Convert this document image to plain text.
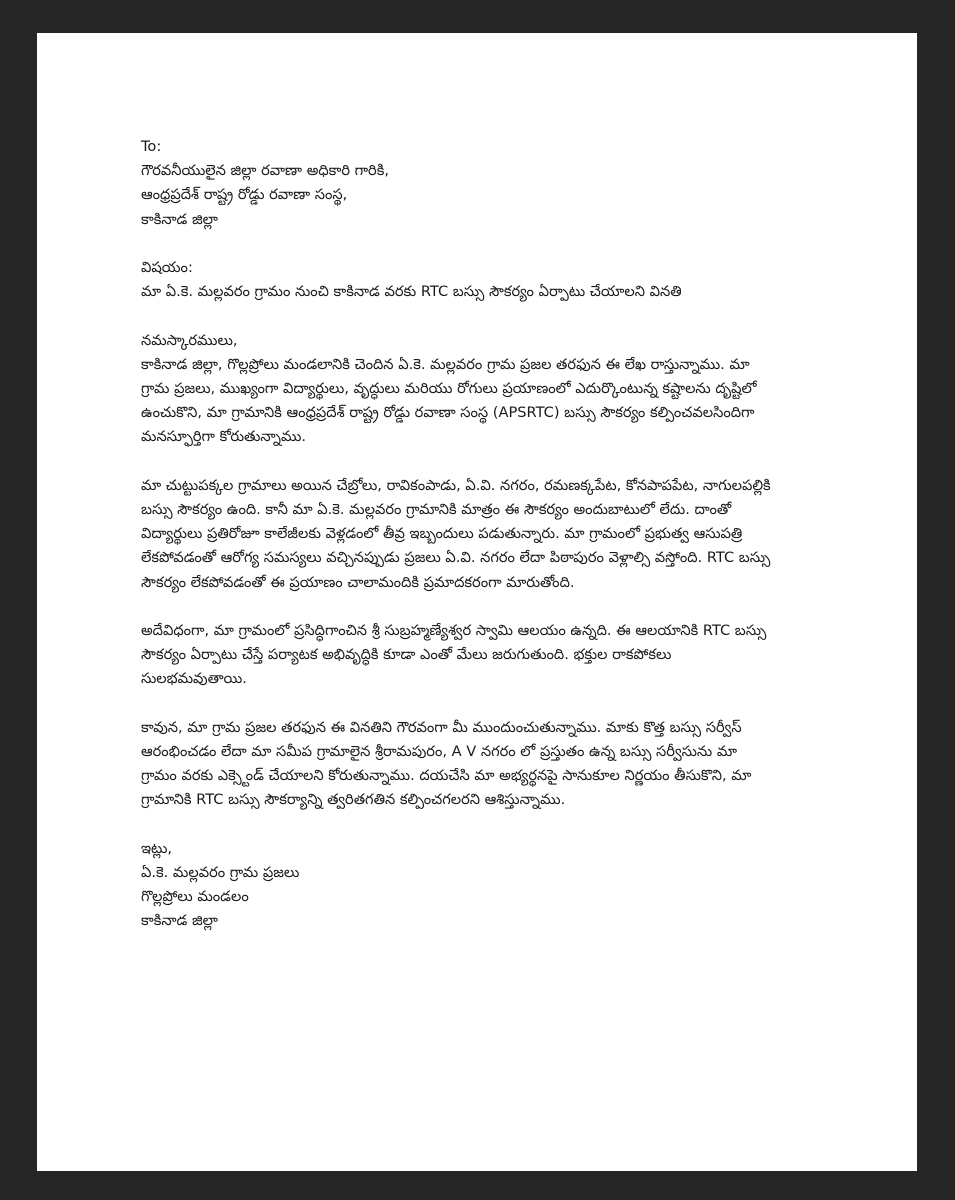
To:
గౌరవనీయులైన జిల్లా రవాణా అధికారి గారికి,
ఆంధ్రప్రదేశ్ రాష్ట్ర రోడ్డు రవాణా సంస్థ,
కాకినాడ జిల్లా
విషయం:
మా ఏ.కె. మల్లవరం గ్రామం నుంచి కాకినాడ వరకు RTC బస్సు సౌకర్యం ఏర్పాటు చేయాలని వినతి
నమస్కారములు,
కాకినాడ జిల్లా, గొల్లప్రోలు మండలానికి చెందిన ఏ.కె. మల్లవరం గ్రామ ప్రజల తరఫున ఈ లేఖ రాస్తున్నాము. మా
గ్రామ ప్రజలు, ముఖ్యంగా విద్యార్థులు, వృద్ధులు మరియు రోగులు ప్రయాణంలో ఎదుర్కొంటున్న కష్టాలను దృష్టిలో
ఉంచుకొని, మా గ్రామానికి ఆంధ్రప్రదేశ్ రాష్ట్ర రోడ్డు రవాణా సంస్థ (APSRTC) బస్సు సౌకర్యం కల్పించవలసిందిగా
మనస్ఫూర్తిగా కోరుతున్నాము.
మా చుట్టుపక్కల గ్రామాలు అయిన చేబ్రోలు, రావికంపాడు, ఏ.వి. నగరం, రమణక్కపేట, కోనపాపపేట, నాగులపల్లికి
బస్సు సౌకర్యం ఉంది. కానీ మా ఏ.కె. మల్లవరం గ్రామానికి మాత్రం ఈ సౌకర్యం అందుబాటులో లేదు. దాంతో
విద్యార్థులు ప్రతిరోజూ కాలేజీలకు వెళ్లడంలో తీవ్ర ఇబ్బందులు పడుతున్నారు. మా గ్రామంలో ప్రభుత్వ ఆసుపత్రి
లేకపోవడంతో ఆరోగ్య సమస్యలు వచ్చినప్పుడు ప్రజలు ఏ.వి. నగరం లేదా పిఠాపురం వెళ్లాల్సి వస్తోంది. RTC బస్సు
సౌకర్యం లేకపోవడంతో ఈ ప్రయాణం చాలామందికి ప్రమాదకరంగా మారుతోంది.
అదేవిధంగా, మా గ్రామంలో ప్రసిద్ధిగాంచిన శ్రీ సుబ్రహ్మణ్యేశ్వర స్వామి ఆలయం ఉన్నది. ఈ ఆలయానికి RTC బస్సు
సౌకర్యం ఏర్పాటు చేస్తే పర్యాటక అభివృద్ధికి కూడా ఎంతో మేలు జరుగుతుంది. భక్తుల రాకపోకలు
సులభమవుతాయి.
కావున, మా గ్రామ ప్రజల తరఫున ఈ వినతిని గౌరవంగా మీ ముందుంచుతున్నాము. మాకు కొత్త బస్సు సర్వీస్
ఆరంభించడం లేదా మా సమీప గ్రామాలైన శ్రీరామపురం, A V నగరం లో ప్రస్తుతం ఉన్న బస్సు సర్వీసును మా
గ్రామం వరకు ఎక్స్టెండ్ చేయాలని కోరుతున్నాము. దయచేసి మా అభ్యర్థనపై సానుకూల నిర్ణయం తీసుకొని, మా
గ్రామానికి RTC బస్సు సౌకర్యాన్ని త్వరితగతిన కల్పించగలరని ఆశిస్తున్నాము.
ఇట్లు,
ఏ.కె. మల్లవరం గ్రామ ప్రజలు
గొల్లప్రోలు మండలం
కాకినాడ జిల్లా
